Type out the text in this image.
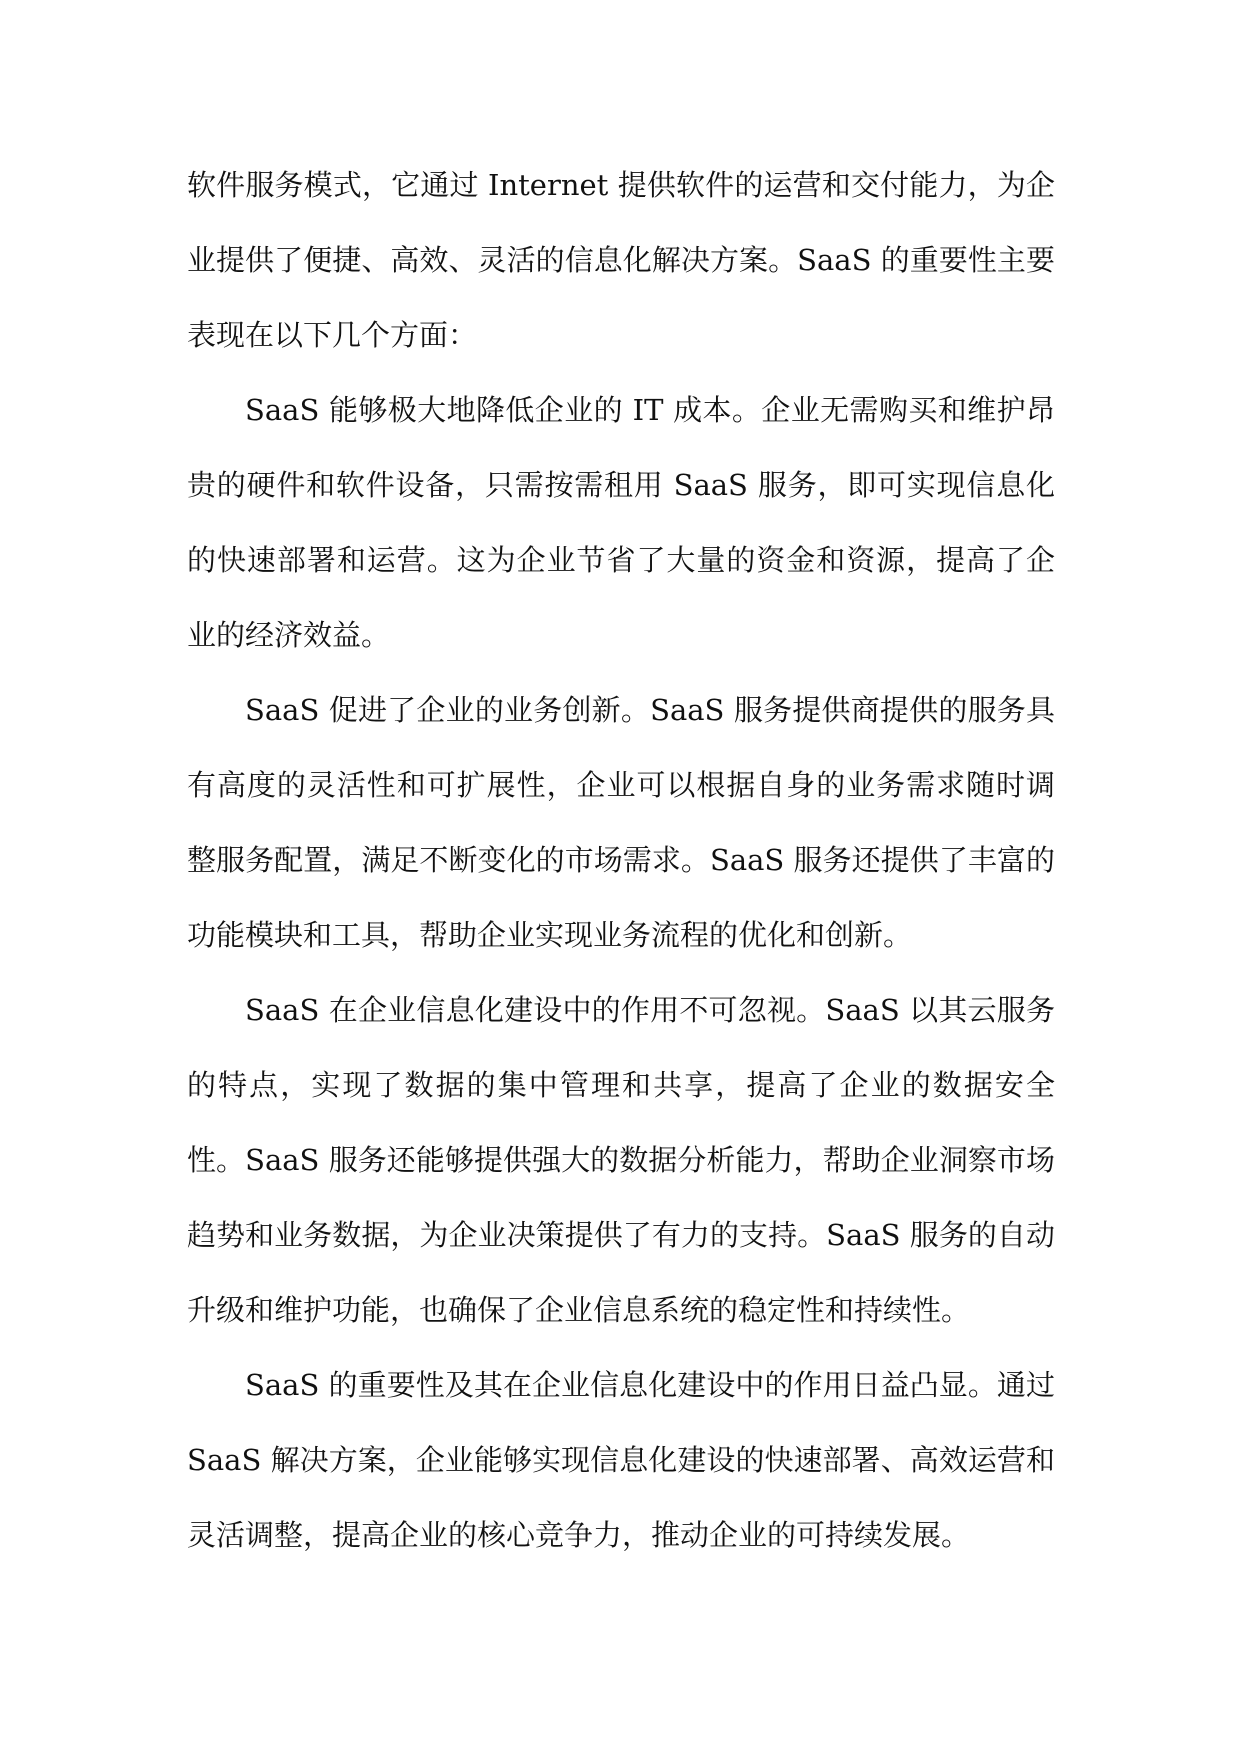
软件服务模式，它通过 Internet 提供软件的运营和交付能力，为企业提供了便捷、高效、灵活的信息化解决方案。SaaS 的重要性主要表现在以下几个方面：

SaaS 能够极大地降低企业的 IT 成本。企业无需购买和维护昂贵的硬件和软件设备，只需按需租用 SaaS 服务，即可实现信息化的快速部署和运营。这为企业节省了大量的资金和资源，提高了企业的经济效益。

SaaS 促进了企业的业务创新。SaaS 服务提供商提供的服务具有高度的灵活性和可扩展性，企业可以根据自身的业务需求随时调整服务配置，满足不断变化的市场需求。SaaS 服务还提供了丰富的功能模块和工具，帮助企业实现业务流程的优化和创新。

SaaS 在企业信息化建设中的作用不可忽视。SaaS 以其云服务的特点，实现了数据的集中管理和共享，提高了企业的数据安全性。SaaS 服务还能够提供强大的数据分析能力，帮助企业洞察市场趋势和业务数据，为企业决策提供了有力的支持。SaaS 服务的自动升级和维护功能，也确保了企业信息系统的稳定性和持续性。

SaaS 的重要性及其在企业信息化建设中的作用日益凸显。通过 SaaS 解决方案，企业能够实现信息化建设的快速部署、高效运营和灵活调整，提高企业的核心竞争力，推动企业的可持续发展。
